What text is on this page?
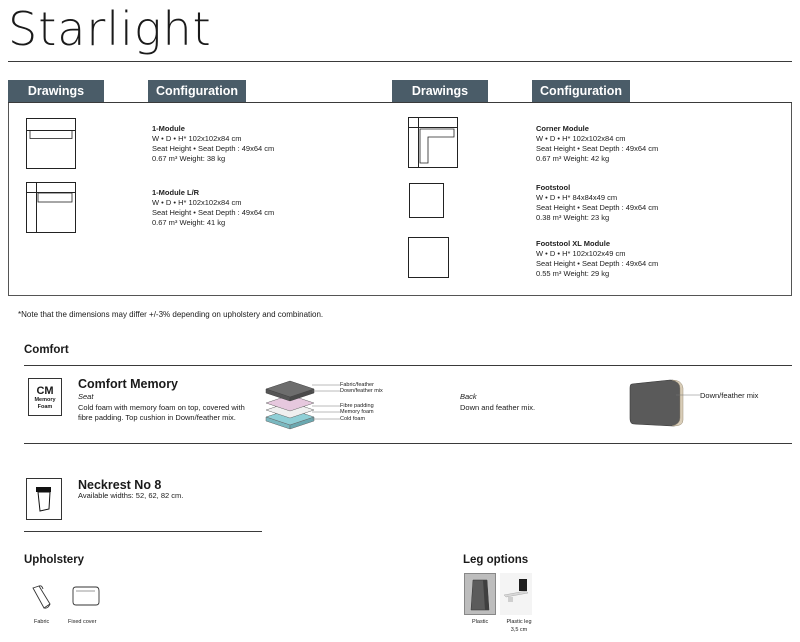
Starlight
Drawings	Configuration	Drawings	Configuration
1-Module
W • D • H* 102x102x84 cm
Seat Height • Seat Depth : 49x64 cm
0.67 m³ Weight: 38 kg
1-Module L/R
W • D • H* 102x102x84 cm
Seat Height • Seat Depth : 49x64 cm
0.67 m³ Weight: 41 kg
Corner Module
W • D • H* 102x102x84 cm
Seat Height • Seat Depth : 49x64 cm
0.67 m³ Weight: 42 kg
Footstool
W • D • H* 84x84x49 cm
Seat Height • Seat Depth : 49x64 cm
0.38 m³ Weight: 23 kg
Footstool XL Module
W • D • H* 102x102x49 cm
Seat Height • Seat Depth : 49x64 cm
0.55 m³ Weight: 29 kg
*Note that the dimensions may differ +/-3% depending on upholstery and combination.
Comfort
CM
Memory Foam
Comfort Memory
Seat
Cold foam with memory foam on top, covered with fibre padding. Top cushion in Down/feather mix.
Fabric/feather
Down/feather mix
Fibre padding
Memory foam
Cold foam
Back
Down and feather mix.
Down/feather mix
Neckrest No 8
Available widths: 52, 62, 82 cm.
Upholstery
Fabric	Fixed cover
Leg options
Plastic	Plastic leg 3,5 cm
